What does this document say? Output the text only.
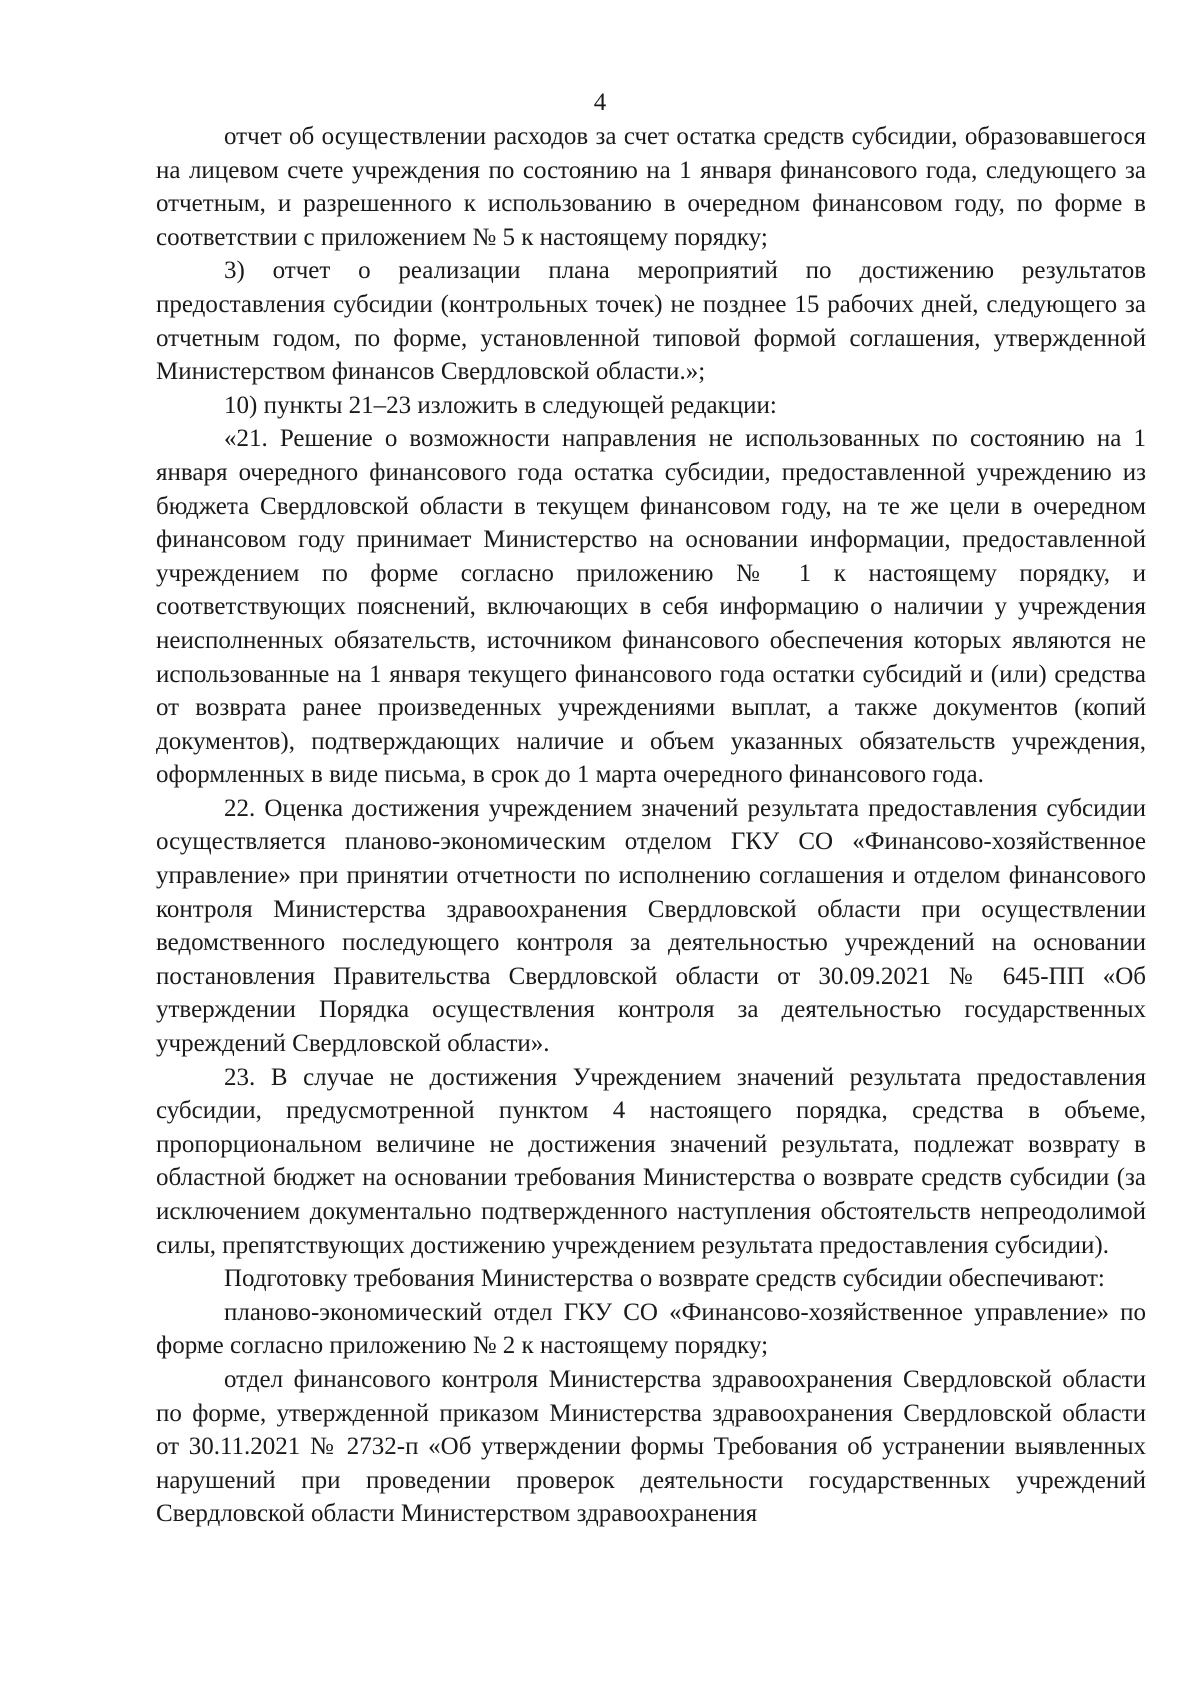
4

отчет об осуществлении расходов за счет остатка средств субсидии, образовавшегося на лицевом счете учреждения по состоянию на 1 января финансового года, следующего за отчетным, и разрешенного к использованию в очередном финансовом году, по форме в соответствии с приложением № 5 к настоящему порядку;

3) отчет о реализации плана мероприятий по достижению результатов предоставления субсидии (контрольных точек) не позднее 15 рабочих дней, следующего за отчетным годом, по форме, установленной типовой формой соглашения, утвержденной Министерством финансов Свердловской области.»;

10) пункты 21–23 изложить в следующей редакции:

«21. Решение о возможности направления не использованных по состоянию на 1 января очередного финансового года остатка субсидии, предоставленной учреждению из бюджета Свердловской области в текущем финансовом году, на те же цели в очередном финансовом году принимает Министерство на основании информации, предоставленной учреждением по форме согласно приложению № 1 к настоящему порядку, и соответствующих пояснений, включающих в себя информацию о наличии у учреждения неисполненных обязательств, источником финансового обеспечения которых являются не использованные на 1 января текущего финансового года остатки субсидий и (или) средства от возврата ранее произведенных учреждениями выплат, а также документов (копий документов), подтверждающих наличие и объем указанных обязательств учреждения, оформленных в виде письма, в срок до 1 марта очередного финансового года.

22. Оценка достижения учреждением значений результата предоставления субсидии осуществляется планово-экономическим отделом ГКУ СО «Финансово-хозяйственное управление» при принятии отчетности по исполнению соглашения и отделом финансового контроля Министерства здравоохранения Свердловской области при осуществлении ведомственного последующего контроля за деятельностью учреждений на основании постановления Правительства Свердловской области от 30.09.2021 № 645-ПП «Об утверждении Порядка осуществления контроля за деятельностью государственных учреждений Свердловской области».

23. В случае не достижения Учреждением значений результата предоставления субсидии, предусмотренной пунктом 4 настоящего порядка, средства в объеме, пропорциональном величине не достижения значений результата, подлежат возврату в областной бюджет на основании требования Министерства о возврате средств субсидии (за исключением документально подтвержденного наступления обстоятельств непреодолимой силы, препятствующих достижению учреждением результата предоставления субсидии).

Подготовку требования Министерства о возврате средств субсидии обеспечивают:

планово-экономический отдел ГКУ СО «Финансово-хозяйственное управление» по форме согласно приложению № 2 к настоящему порядку;

отдел финансового контроля Министерства здравоохранения Свердловской области по форме, утвержденной приказом Министерства здравоохранения Свердловской области от 30.11.2021 № 2732-п «Об утверждении формы Требования об устранении выявленных нарушений при проведении проверок деятельности государственных учреждений Свердловской области Министерством здравоохранения
